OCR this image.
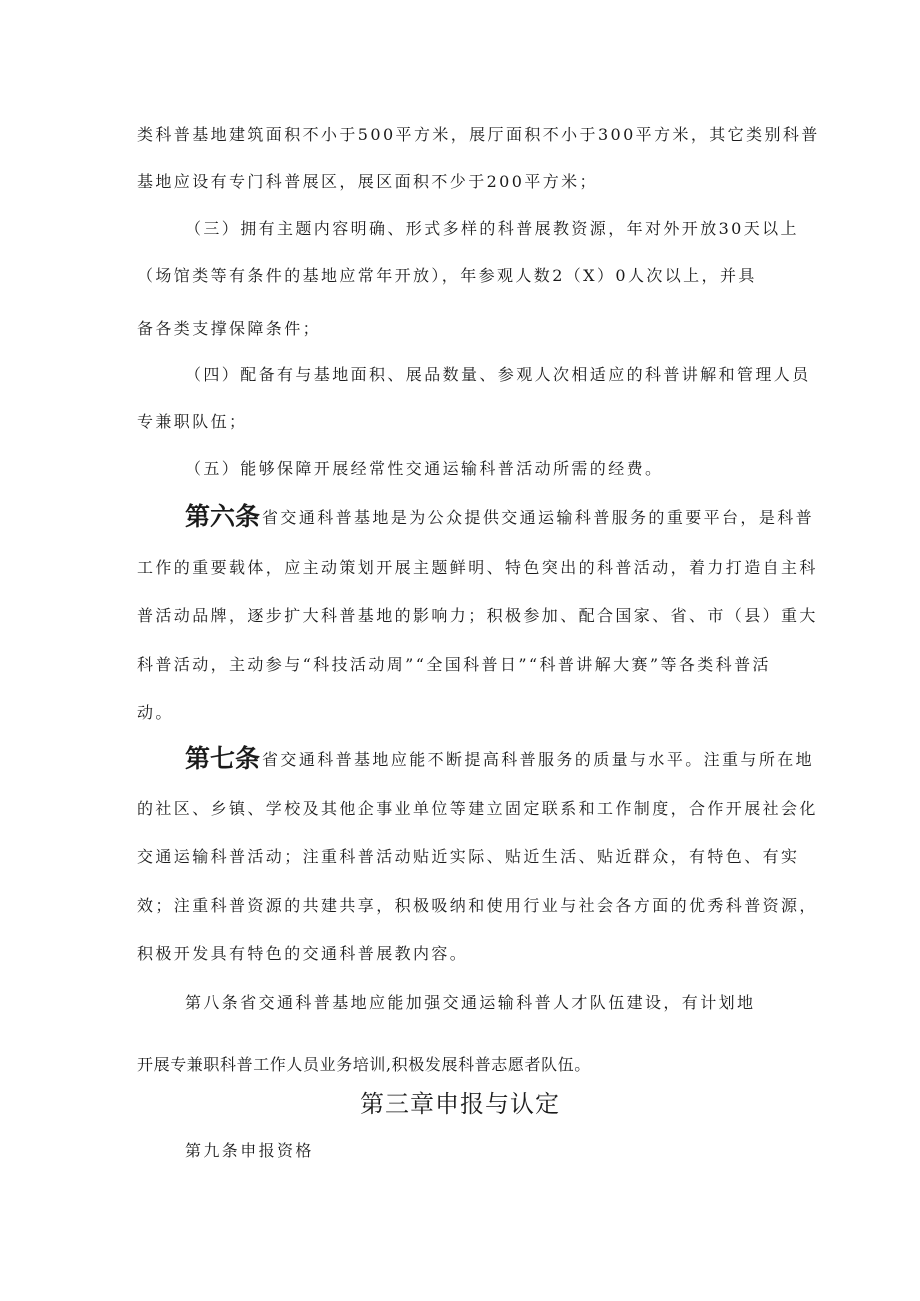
类科普基地建筑面积不小于500平方米，展厅面积不小于300平方米，其它类别科普
基地应设有专门科普展区，展区面积不少于200平方米；
（三）拥有主题内容明确、形式多样的科普展教资源，年对外开放30天以上
（场馆类等有条件的基地应常年开放），年参观人数2（X）0人次以上，并具
备各类支撑保障条件；
（四）配备有与基地面积、展品数量、参观人次相适应的科普讲解和管理人员
专兼职队伍；
（五）能够保障开展经常性交通运输科普活动所需的经费。
第六条 省交通科普基地是为公众提供交通运输科普服务的重要平台，是科普
工作的重要载体，应主动策划开展主题鲜明、特色突出的科普活动，着力打造自主科
普活动品牌，逐步扩大科普基地的影响力；积极参加、配合国家、省、市（县）重大
科普活动，主动参与“科技活动周”“全国科普日”“科普讲解大赛”等各类科普活
动。
第七条 省交通科普基地应能不断提高科普服务的质量与水平。注重与所在地
的社区、乡镇、学校及其他企事业单位等建立固定联系和工作制度，合作开展社会化
交通运输科普活动；注重科普活动贴近实际、贴近生活、贴近群众，有特色、有实
效；注重科普资源的共建共享，积极吸纳和使用行业与社会各方面的优秀科普资源，
积极开发具有特色的交通科普展教内容。
第八条省交通科普基地应能加强交通运输科普人才队伍建设，有计划地
开展专兼职科普工作人员业务培训,积极发展科普志愿者队伍。
第三章申报与认定
第九条申报资格
